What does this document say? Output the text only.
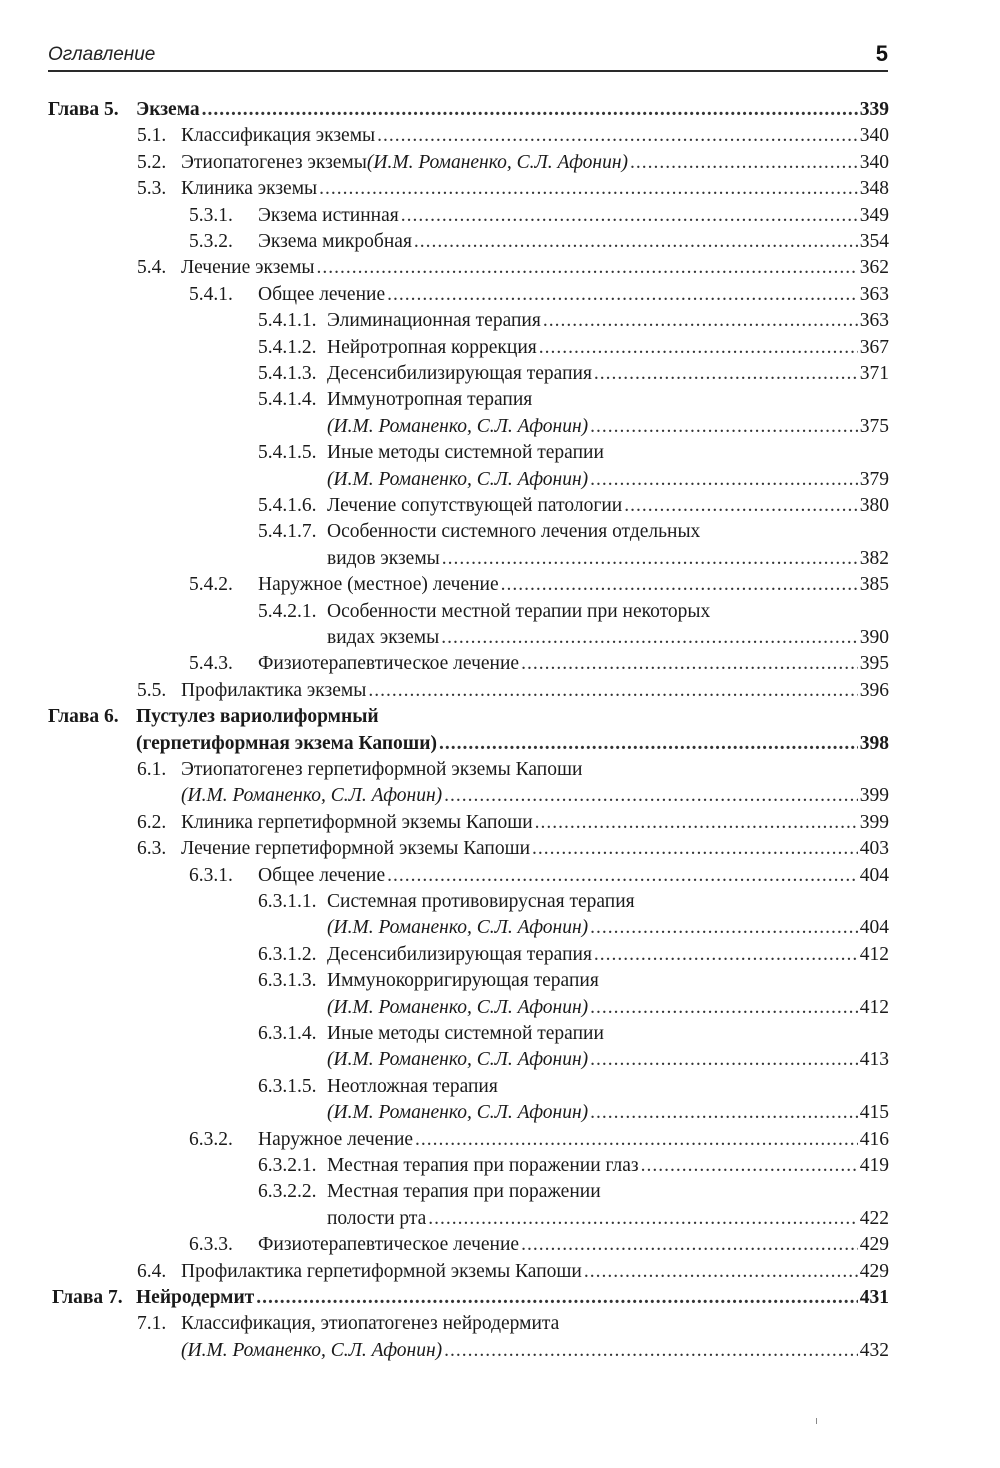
Оглавление	5
Глава 5. Экзема .....	339
5.1. Классификация экземы .....	340
5.2. Этиопатогенез экземы (И.М. Романенко, С.Л. Афонин) .....	340
5.3. Клиника экземы .....	348
5.3.1. Экзема истинная .....	349
5.3.2. Экзема микробная .....	354
5.4. Лечение экземы .....	362
5.4.1. Общее лечение .....	363
5.4.1.1. Элиминационная терапия .....	363
5.4.1.2. Нейротропная коррекция .....	367
5.4.1.3. Десенсибилизирующая терапия .....	371
5.4.1.4. Иммунотропная терапия
(И.М. Романенко, С.Л. Афонин) .....	375
5.4.1.5. Иные методы системной терапии
(И.М. Романенко, С.Л. Афонин) .....	379
5.4.1.6. Лечение сопутствующей патологии .....	380
5.4.1.7. Особенности системного лечения отдельных
видов экземы .....	382
5.4.2. Наружное (местное) лечение .....	385
5.4.2.1. Особенности местной терапии при некоторых
видах экземы .....	390
5.4.3. Физиотерапевтическое лечение .....	395
5.5. Профилактика экземы .....	396
Глава 6. Пустулез вариолиформный
(герпетиформная экзема Капоши) .....	398
6.1. Этиопатогенез герпетиформной экземы Капоши
(И.М. Романенко, С.Л. Афонин) .....	399
6.2. Клиника герпетиформной экземы Капоши .....	399
6.3. Лечение герпетиформной экземы Капоши .....	403
6.3.1. Общее лечение .....	404
6.3.1.1. Системная противовирусная терапия
(И.М. Романенко, С.Л. Афонин) .....	404
6.3.1.2. Десенсибилизирующая терапия .....	412
6.3.1.3. Иммунокорригирующая терапия
(И.М. Романенко, С.Л. Афонин) .....	412
6.3.1.4. Иные методы системной терапии
(И.М. Романенко, С.Л. Афонин) .....	413
6.3.1.5. Неотложная терапия
(И.М. Романенко, С.Л. Афонин) .....	415
6.3.2. Наружное лечение .....	416
6.3.2.1. Местная терапия при поражении глаз .....	419
6.3.2.2. Местная терапия при поражении
полости рта .....	422
6.3.3. Физиотерапевтическое лечение .....	429
6.4. Профилактика герпетиформной экземы Капоши .....	429
Глава 7. Нейродермит .....	431
7.1. Классификация, этиопатогенез нейродермита
(И.М. Романенко, С.Л. Афонин) .....	432
